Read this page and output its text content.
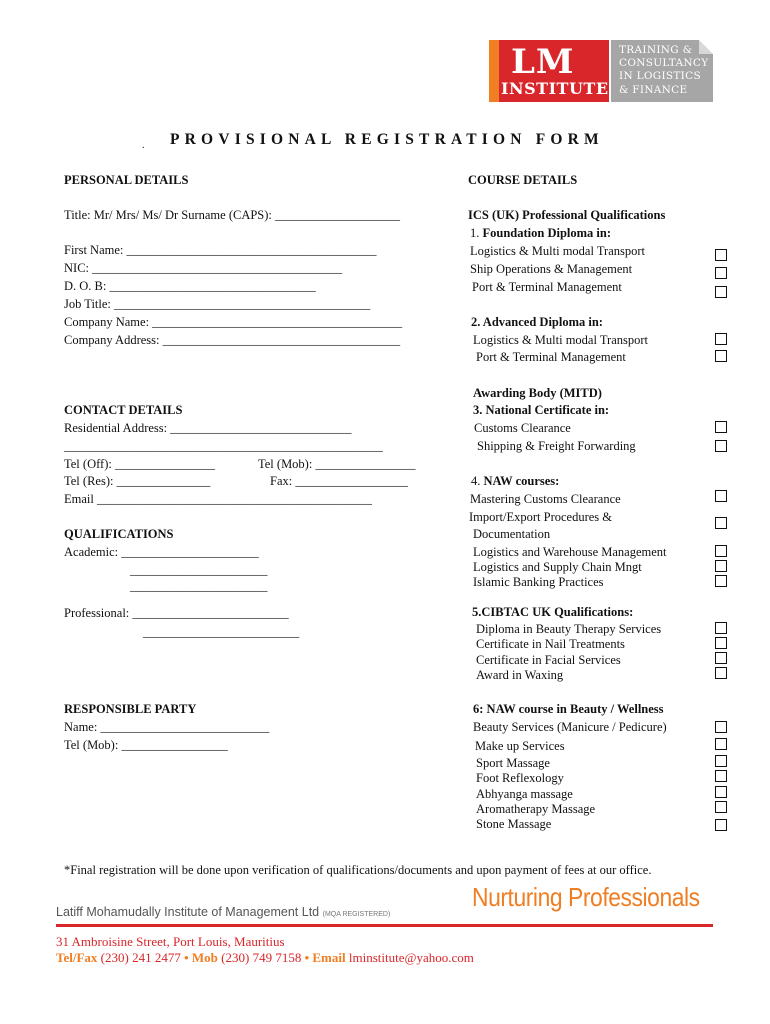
LM
INSTITUTE
TRAINING &
CONSULTANCY
IN LOGISTICS
& FINANCE
. PROVISIONAL REGISTRATION FORM
PERSONAL DETAILS
Title: Mr/ Mrs/ Ms/ Dr Surname (CAPS): ____________________
First Name: ________________________________________
NIC: ________________________________________
D. O. B: _________________________________
Job Title: _________________________________________
Company Name: ________________________________________
Company Address: ______________________________________
CONTACT DETAILS
Residential Address: _____________________________
___________________________________________________
Tel (Off): ________________	Tel (Mob): ________________
Tel (Res): _______________	Fax: __________________
Email ____________________________________________
QUALIFICATIONS
Academic: ______________________
______________________
______________________
Professional: _________________________
_________________________
RESPONSIBLE PARTY
Name: ___________________________
Tel (Mob): _________________
COURSE DETAILS
ICS (UK) Professional Qualifications
1. Foundation Diploma in:
Logistics & Multi modal Transport
Ship Operations & Management
Port & Terminal Management
2. Advanced Diploma in:
Logistics & Multi modal Transport
Port & Terminal Management
Awarding Body (MITD)
3. National Certificate in:
Customs Clearance
Shipping & Freight Forwarding
4. NAW courses:
Mastering Customs Clearance
Import/Export Procedures &
Documentation
Logistics and Warehouse Management
Logistics and Supply Chain Mngt
Islamic Banking Practices
5.CIBTAC UK Qualifications:
Diploma in Beauty Therapy Services
Certificate in Nail Treatments
Certificate in Facial Services
Award in Waxing
6: NAW course in Beauty / Wellness
Beauty Services (Manicure / Pedicure)
Make up Services
Sport Massage
Foot Reflexology
Abhyanga massage
Aromatherapy Massage
Stone Massage
*Final registration will be done upon verification of qualifications/documents and upon payment of fees at our office.
Nurturing Professionals
Latiff Mohamudally Institute of Management Ltd (MQA REGISTERED)
31 Ambroisine Street, Port Louis, Mauritius
Tel/Fax (230) 241 2477 • Mob (230) 749 7158 • Email lminstitute@yahoo.com
